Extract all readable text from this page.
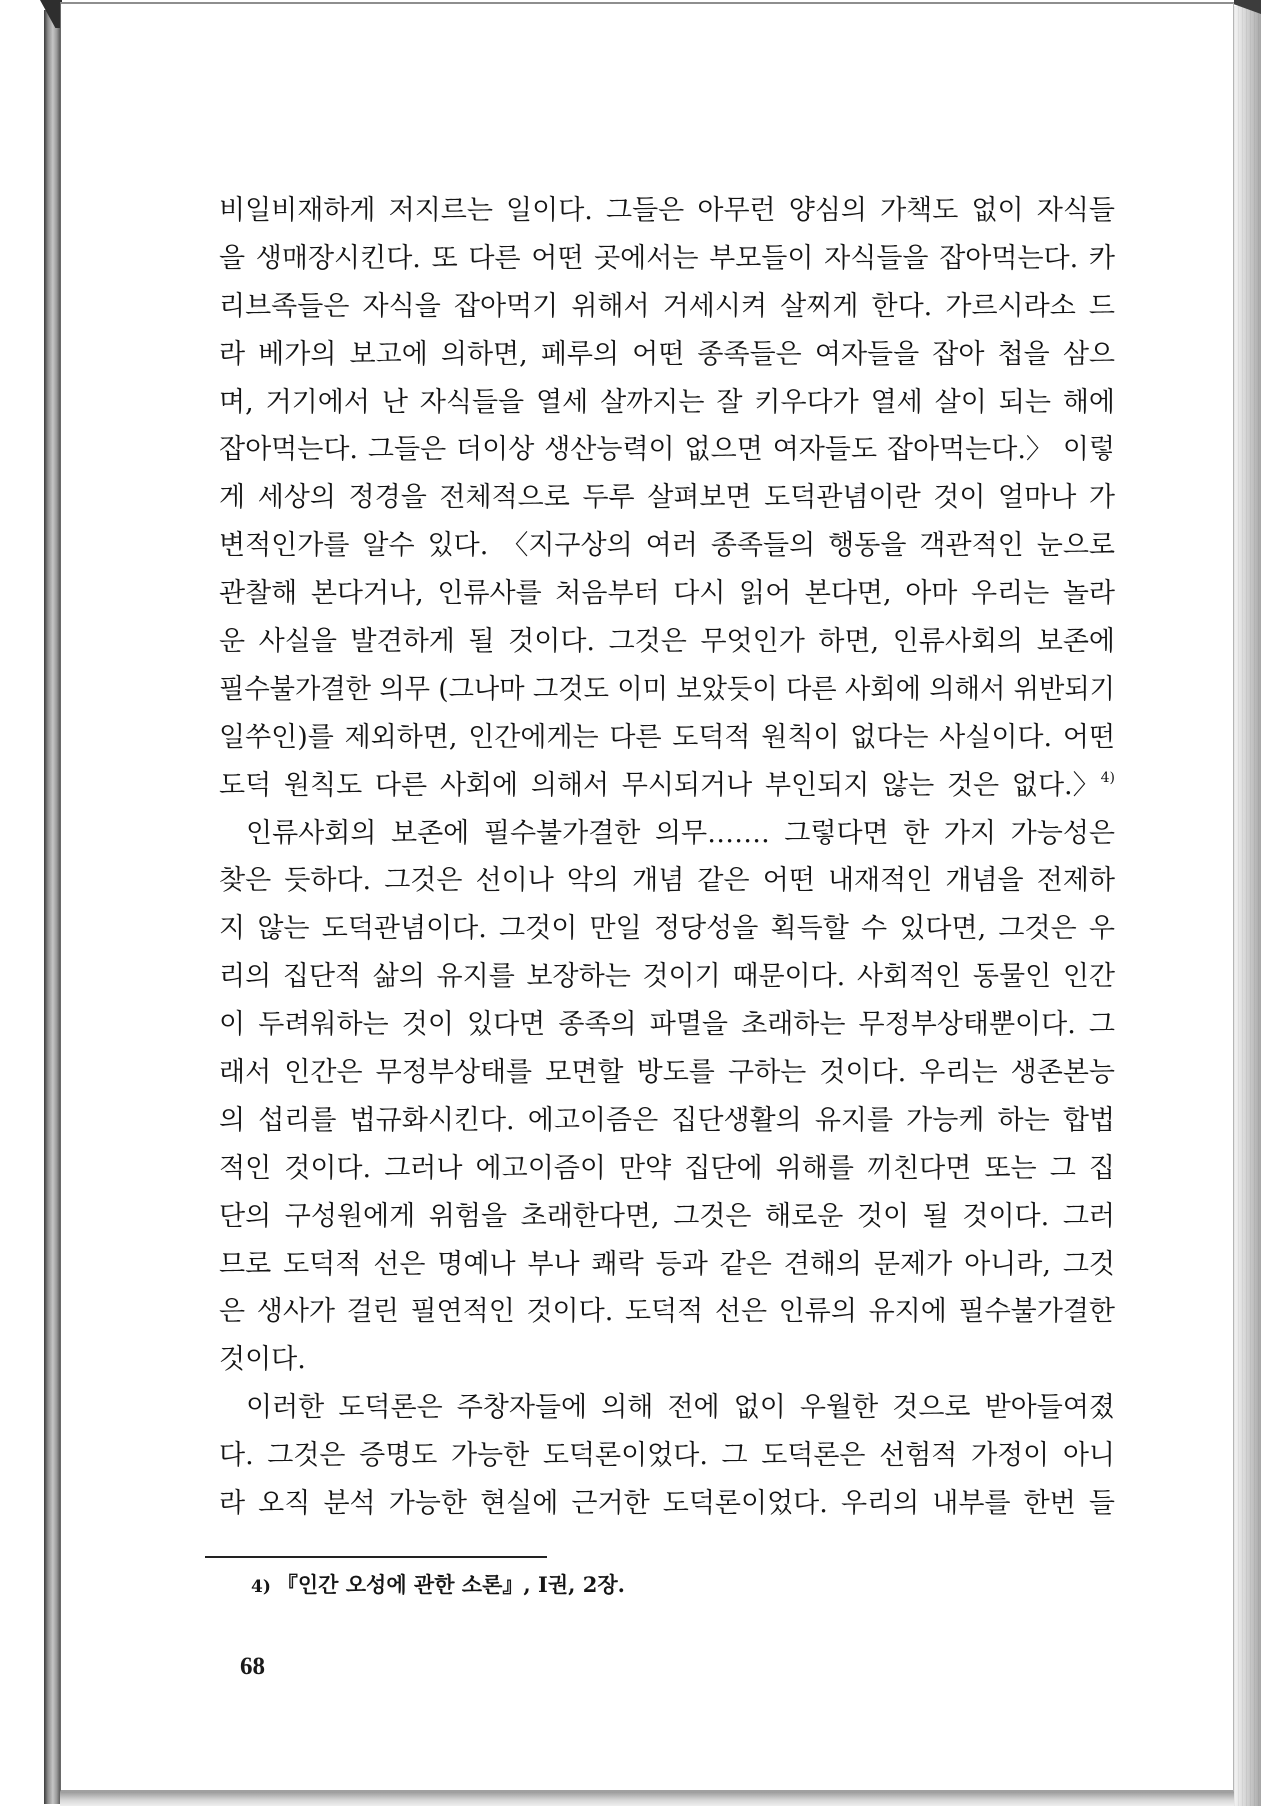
비일비재하게 저지르는 일이다. 그들은 아무런 양심의 가책도 없이 자식들
을 생매장시킨다. 또 다른 어떤 곳에서는 부모들이 자식들을 잡아먹는다. 카
리브족들은 자식을 잡아먹기 위해서 거세시켜 살찌게 한다. 가르시라소 드
라 베가의 보고에 의하면, 페루의 어떤 종족들은 여자들을 잡아 첩을 삼으
며, 거기에서 난 자식들을 열세 살까지는 잘 키우다가 열세 살이 되는 해에
잡아먹는다. 그들은 더이상 생산능력이 없으면 여자들도 잡아먹는다.〉 이렇
게 세상의 정경을 전체적으로 두루 살펴보면 도덕관념이란 것이 얼마나 가
변적인가를 알수 있다. 〈지구상의 여러 종족들의 행동을 객관적인 눈으로
관찰해 본다거나, 인류사를 처음부터 다시 읽어 본다면, 아마 우리는 놀라
운 사실을 발견하게 될 것이다. 그것은 무엇인가 하면, 인류사회의 보존에
필수불가결한 의무 (그나마 그것도 이미 보았듯이 다른 사회에 의해서 위반되기
일쑤인)를 제외하면, 인간에게는 다른 도덕적 원칙이 없다는 사실이다. 어떤
도덕 원칙도 다른 사회에 의해서 무시되거나 부인되지 않는 것은 없다.〉$^{4)}$
인류사회의 보존에 필수불가결한 의무……. 그렇다면 한 가지 가능성은
찾은 듯하다. 그것은 선이나 악의 개념 같은 어떤 내재적인 개념을 전제하
지 않는 도덕관념이다. 그것이 만일 정당성을 획득할 수 있다면, 그것은 우
리의 집단적 삶의 유지를 보장하는 것이기 때문이다. 사회적인 동물인 인간
이 두려워하는 것이 있다면 종족의 파멸을 초래하는 무정부상태뿐이다. 그
래서 인간은 무정부상태를 모면할 방도를 구하는 것이다. 우리는 생존본능
의 섭리를 법규화시킨다. 에고이즘은 집단생활의 유지를 가능케 하는 합법
적인 것이다. 그러나 에고이즘이 만약 집단에 위해를 끼친다면 또는 그 집
단의 구성원에게 위험을 초래한다면, 그것은 해로운 것이 될 것이다. 그러
므로 도덕적 선은 명예나 부나 쾌락 등과 같은 견해의 문제가 아니라, 그것
은 생사가 걸린 필연적인 것이다. 도덕적 선은 인류의 유지에 필수불가결한
것이다.
이러한 도덕론은 주창자들에 의해 전에 없이 우월한 것으로 받아들여졌
다. 그것은 증명도 가능한 도덕론이었다. 그 도덕론은 선험적 가정이 아니
라 오직 분석 가능한 현실에 근거한 도덕론이었다. 우리의 내부를 한번 들
4) 『인간 오성에 관한 소론』, I권, 2장.
68
